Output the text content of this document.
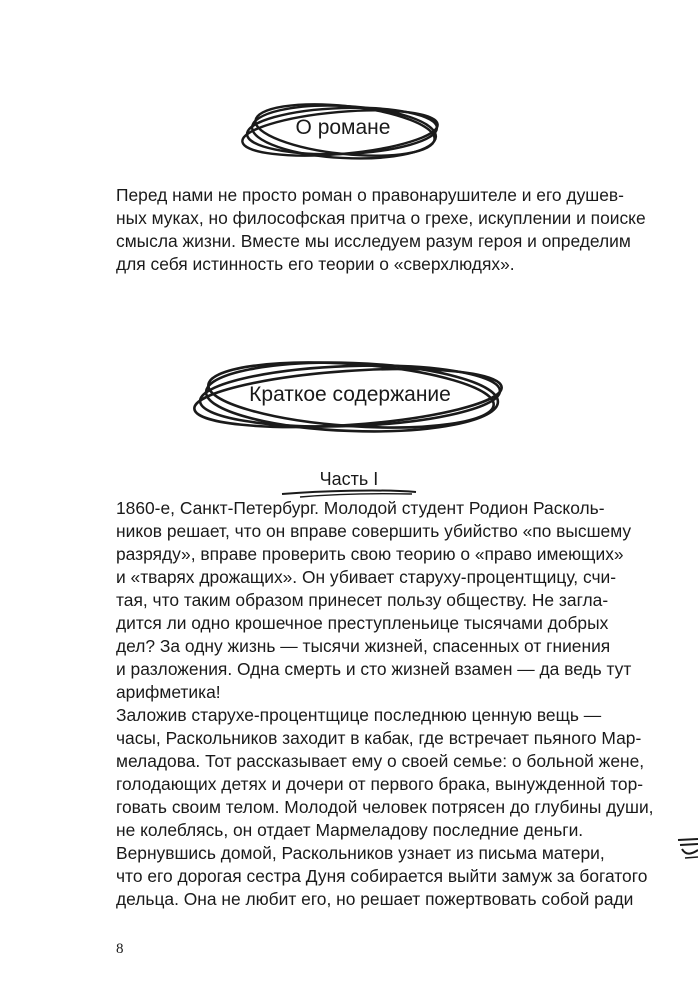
О романе
Перед нами не просто роман о правонарушителе и его душев-
ных муках, но философская притча о грехе, искуплении и поиске
смысла жизни. Вместе мы исследуем разум героя и определим
для себя истинность его теории о «сверхлюдях».
Краткое содержание
Часть I
1860-е, Санкт-Петербург. Молодой студент Родион Расколь-
ников решает, что он вправе совершить убийство «по высшему
разряду», вправе проверить свою теорию о «право имеющих»
и «тварях дрожащих». Он убивает старуху-процентщицу, счи-
тая, что таким образом принесет пользу обществу. Не загла-
дится ли одно крошечное преступленьице тысячами добрых
дел? За одну жизнь — тысячи жизней, спасенных от гниения
и разложения. Одна смерть и сто жизней взамен — да ведь тут
арифметика!
Заложив старухе-процентщице последнюю ценную вещь —
часы, Раскольников заходит в кабак, где встречает пьяного Мар-
меладова. Тот рассказывает ему о своей семье: о больной жене,
голодающих детях и дочери от первого брака, вынужденной тор-
говать своим телом. Молодой человек потрясен до глубины души,
не колеблясь, он отдает Мармеладову последние деньги.
Вернувшись домой, Раскольников узнает из письма матери,
что его дорогая сестра Дуня собирается выйти замуж за богатого
дельца. Она не любит его, но решает пожертвовать собой ради
8
